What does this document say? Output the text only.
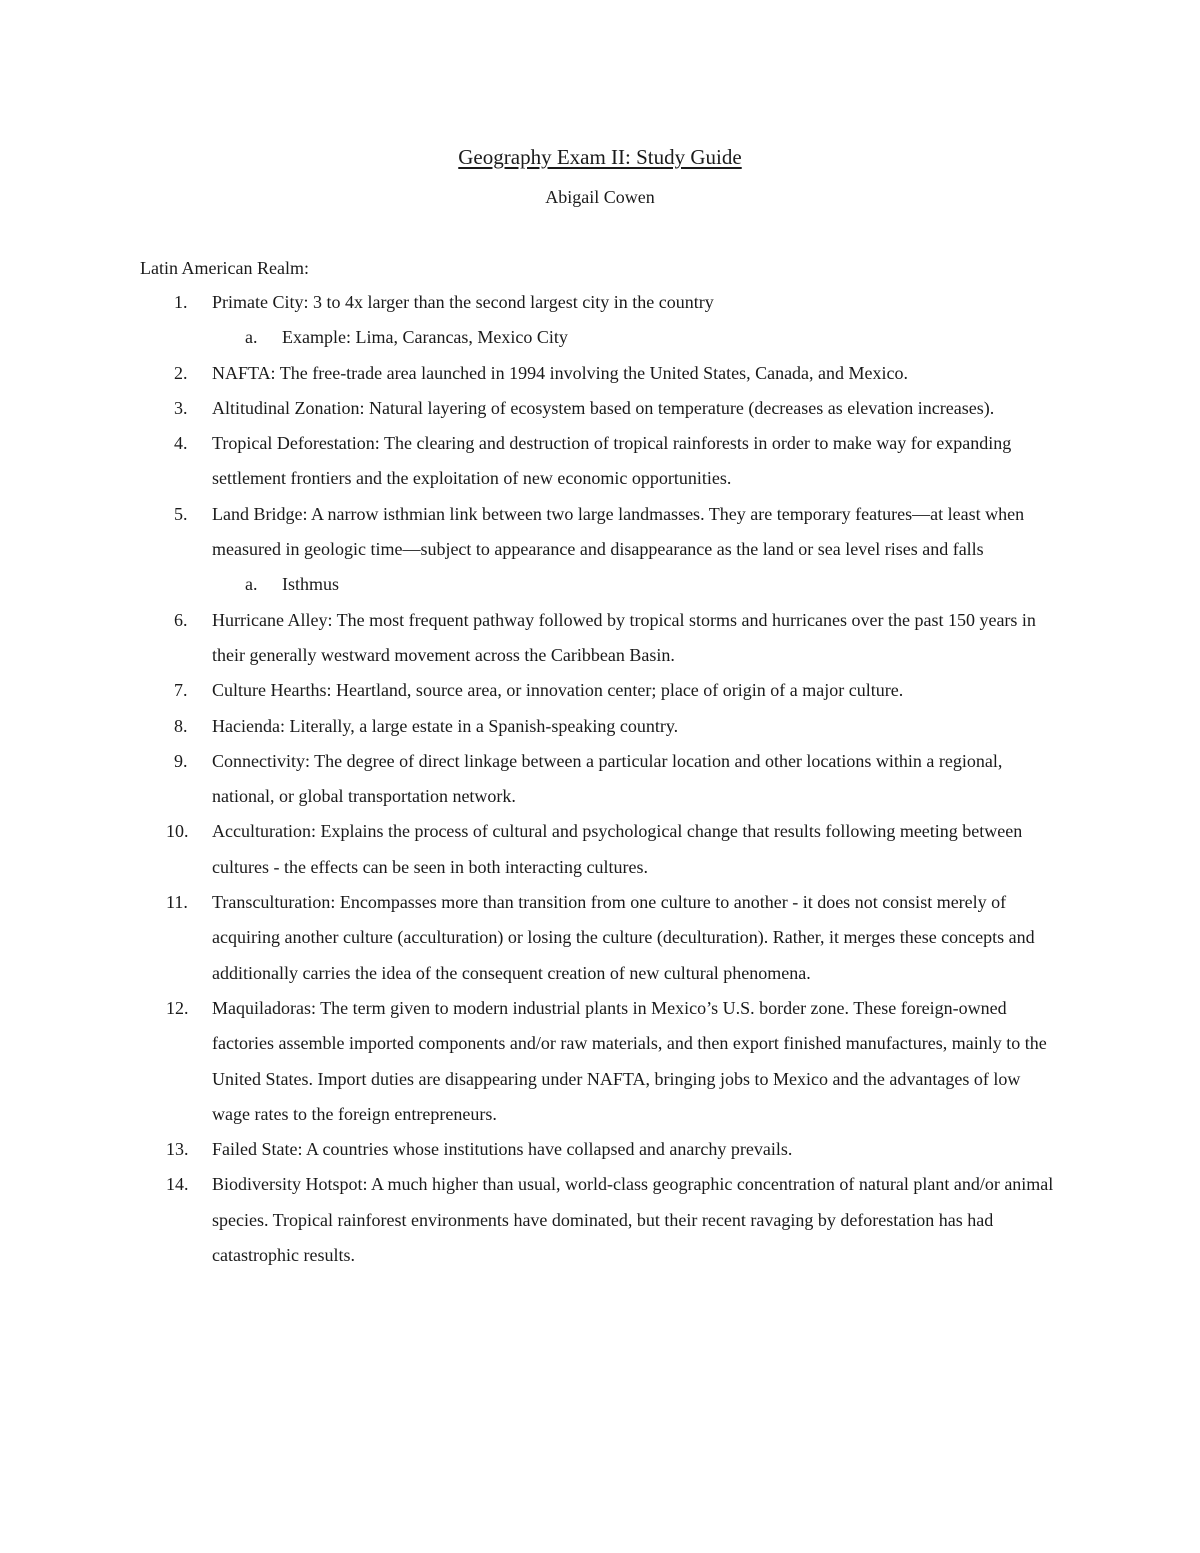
Geography Exam II: Study Guide
Abigail Cowen
Latin American Realm:
1. Primate City: 3 to 4x larger than the second largest city in the country
a. Example: Lima, Carancas, Mexico City
2. NAFTA: The free-trade area launched in 1994 involving the United States, Canada, and Mexico.
3. Altitudinal Zonation: Natural layering of ecosystem based on temperature (decreases as elevation increases).
4. Tropical Deforestation: The clearing and destruction of tropical rainforests in order to make way for expanding settlement frontiers and the exploitation of new economic opportunities.
5. Land Bridge: A narrow isthmian link between two large landmasses. They are temporary features—at least when measured in geologic time—subject to appearance and disappearance as the land or sea level rises and falls
a. Isthmus
6. Hurricane Alley: The most frequent pathway followed by tropical storms and hurricanes over the past 150 years in their generally westward movement across the Caribbean Basin.
7. Culture Hearths: Heartland, source area, or innovation center; place of origin of a major culture.
8. Hacienda: Literally, a large estate in a Spanish-speaking country.
9. Connectivity: The degree of direct linkage between a particular location and other locations within a regional, national, or global transportation network.
10. Acculturation: Explains the process of cultural and psychological change that results following meeting between cultures - the effects can be seen in both interacting cultures.
11. Transculturation: Encompasses more than transition from one culture to another - it does not consist merely of acquiring another culture (acculturation) or losing the culture (deculturation). Rather, it merges these concepts and additionally carries the idea of the consequent creation of new cultural phenomena.
12. Maquiladoras: The term given to modern industrial plants in Mexico’s U.S. border zone. These foreign-owned factories assemble imported components and/or raw materials, and then export finished manufactures, mainly to the United States. Import duties are disappearing under NAFTA, bringing jobs to Mexico and the advantages of low wage rates to the foreign entrepreneurs.
13. Failed State: A countries whose institutions have collapsed and anarchy prevails.
14. Biodiversity Hotspot: A much higher than usual, world-class geographic concentration of natural plant and/or animal species. Tropical rainforest environments have dominated, but their recent ravaging by deforestation has had catastrophic results.
